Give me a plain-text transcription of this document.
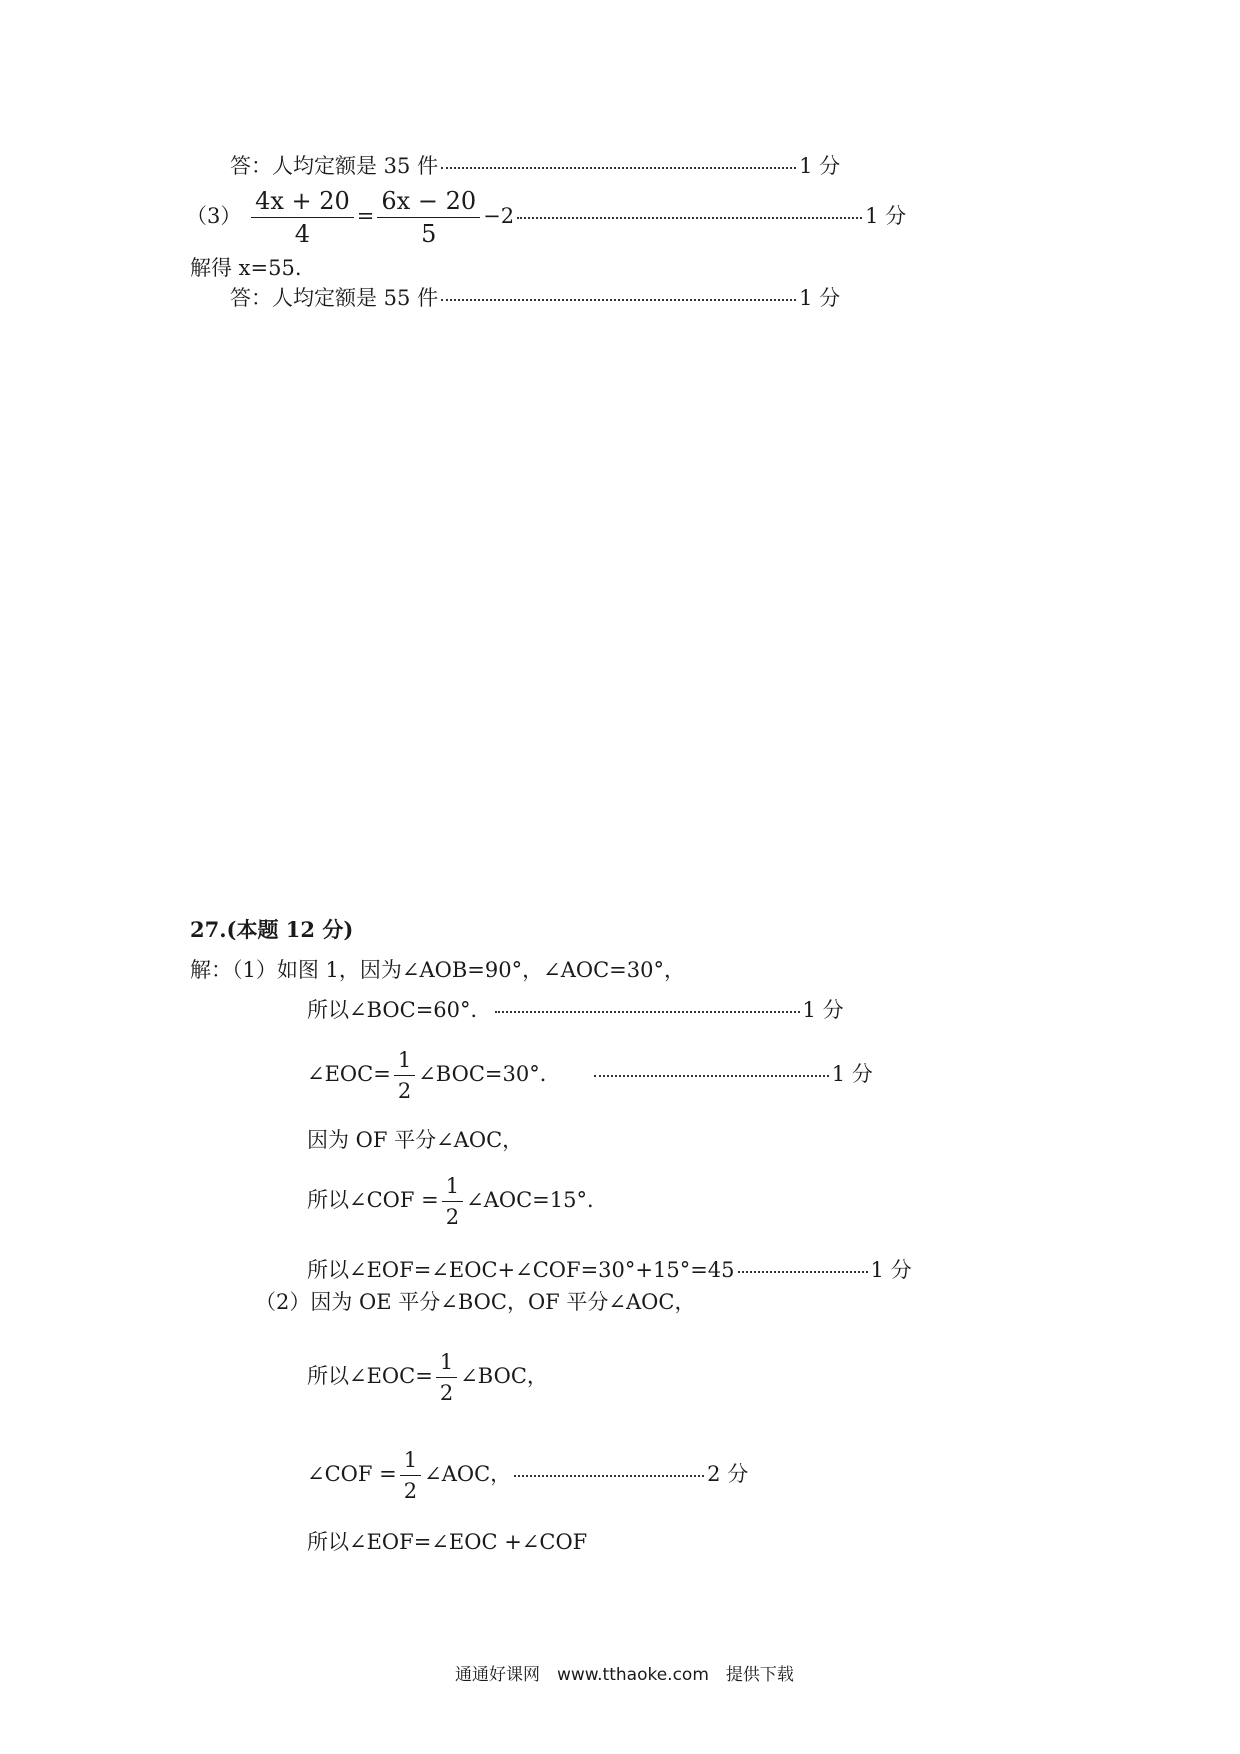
答：人均定额是 35 件	1 分
$(3) \frac{4x + 20}{4} = \frac{6x - 20}{5} -2$	1 分
解得 x=55.
答：人均定额是 55 件	1 分
27.(本题 12 分)
解：（1）如图 1，因为∠AOB=90°，∠AOC=30°，
所以∠BOC=60°．	1 分
∠EOC= $\frac{1}{2}$ ∠BOC=30°．	1 分
因为 OF 平分∠AOC，
所以∠COF = $\frac{1}{2}$ ∠AOC=15°．
所以∠EOF=∠EOC+∠COF=30°+15°=45	1 分
（2）因为 OE 平分∠BOC，OF 平分∠AOC，
所以∠EOC= $\frac{1}{2}$ ∠BOC，
∠COF = $\frac{1}{2}$ ∠AOC，	2 分
所以∠EOF=∠EOC +∠COF
通通好课网　www.tthaoke.com　提供下载
